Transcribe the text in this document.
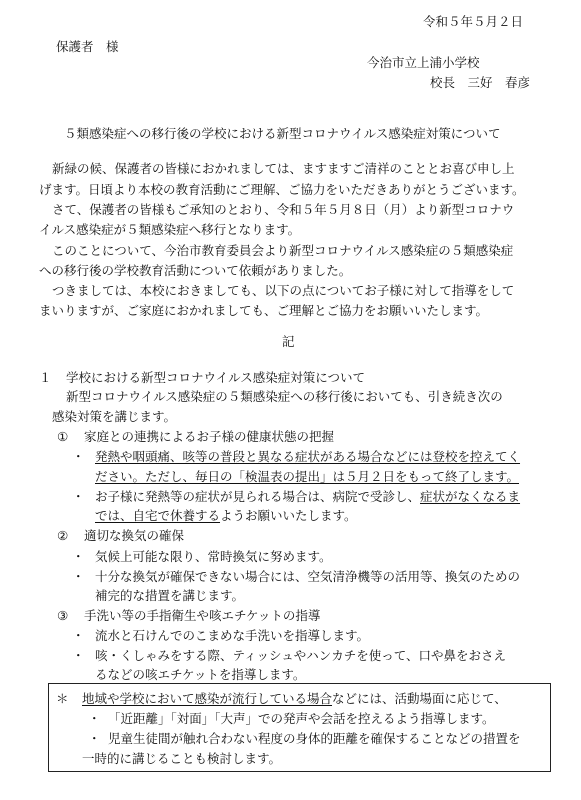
令和５年５月２日
保護者　様
今治市立上浦小学校
校長　三好　春彦
５類感染症への移行後の学校における新型コロナウイルス感染症対策について
新緑の候、保護者の皆様におかれましては、ますますご清祥のこととお喜び申し上
げます。日頃より本校の教育活動にご理解、ご協力をいただきありがとうございます。
さて、保護者の皆様もご承知のとおり、令和５年５月８日（月）より新型コロナウ
イルス感染症が５類感染症へ移行となります。
このことについて、今治市教育委員会より新型コロナウイルス感染症の５類感染症
への移行後の学校教育活動について依頼がありました。
つきましては、本校におきましても、以下の点についてお子様に対して指導をして
まいりますが、ご家庭におかれましても、ご理解とご協力をお願いいたします。
記
１ 学校における新型コロナウイルス感染症対策について
新型コロナウイルス感染症の５類感染症への移行後においても、引き続き次の
感染対策を講じます。
① 家庭との連携によるお子様の健康状態の把握
・ 発熱や咽頭痛、咳等の普段と異なる症状がある場合などには登校を控えてく
ださい。ただし、毎日の「検温表の提出」は５月２日をもって終了します。
・ お子様に発熱等の症状が見られる場合は、病院で受診し、症状がなくなるま
では、自宅で休養するようお願いいたします。
② 適切な換気の確保
・ 気候上可能な限り、常時換気に努めます。
・ 十分な換気が確保できない場合には、空気清浄機等の活用等、換気のための
補完的な措置を講じます。
③ 手洗い等の手指衛生や咳エチケットの指導
・ 流水と石けんでのこまめな手洗いを指導します。
・ 咳・くしゃみをする際、ティッシュやハンカチを使って、口や鼻をおさえ
るなどの咳エチケットを指導します。
＊ 地域や学校において感染が流行している場合などには、活動場面に応じて、
・ 「近距離」「対面」「大声」での発声や会話を控えるよう指導します。
・ 児童生徒間が触れ合わない程度の身体的距離を確保することなどの措置を
一時的に講じることも検討します。
